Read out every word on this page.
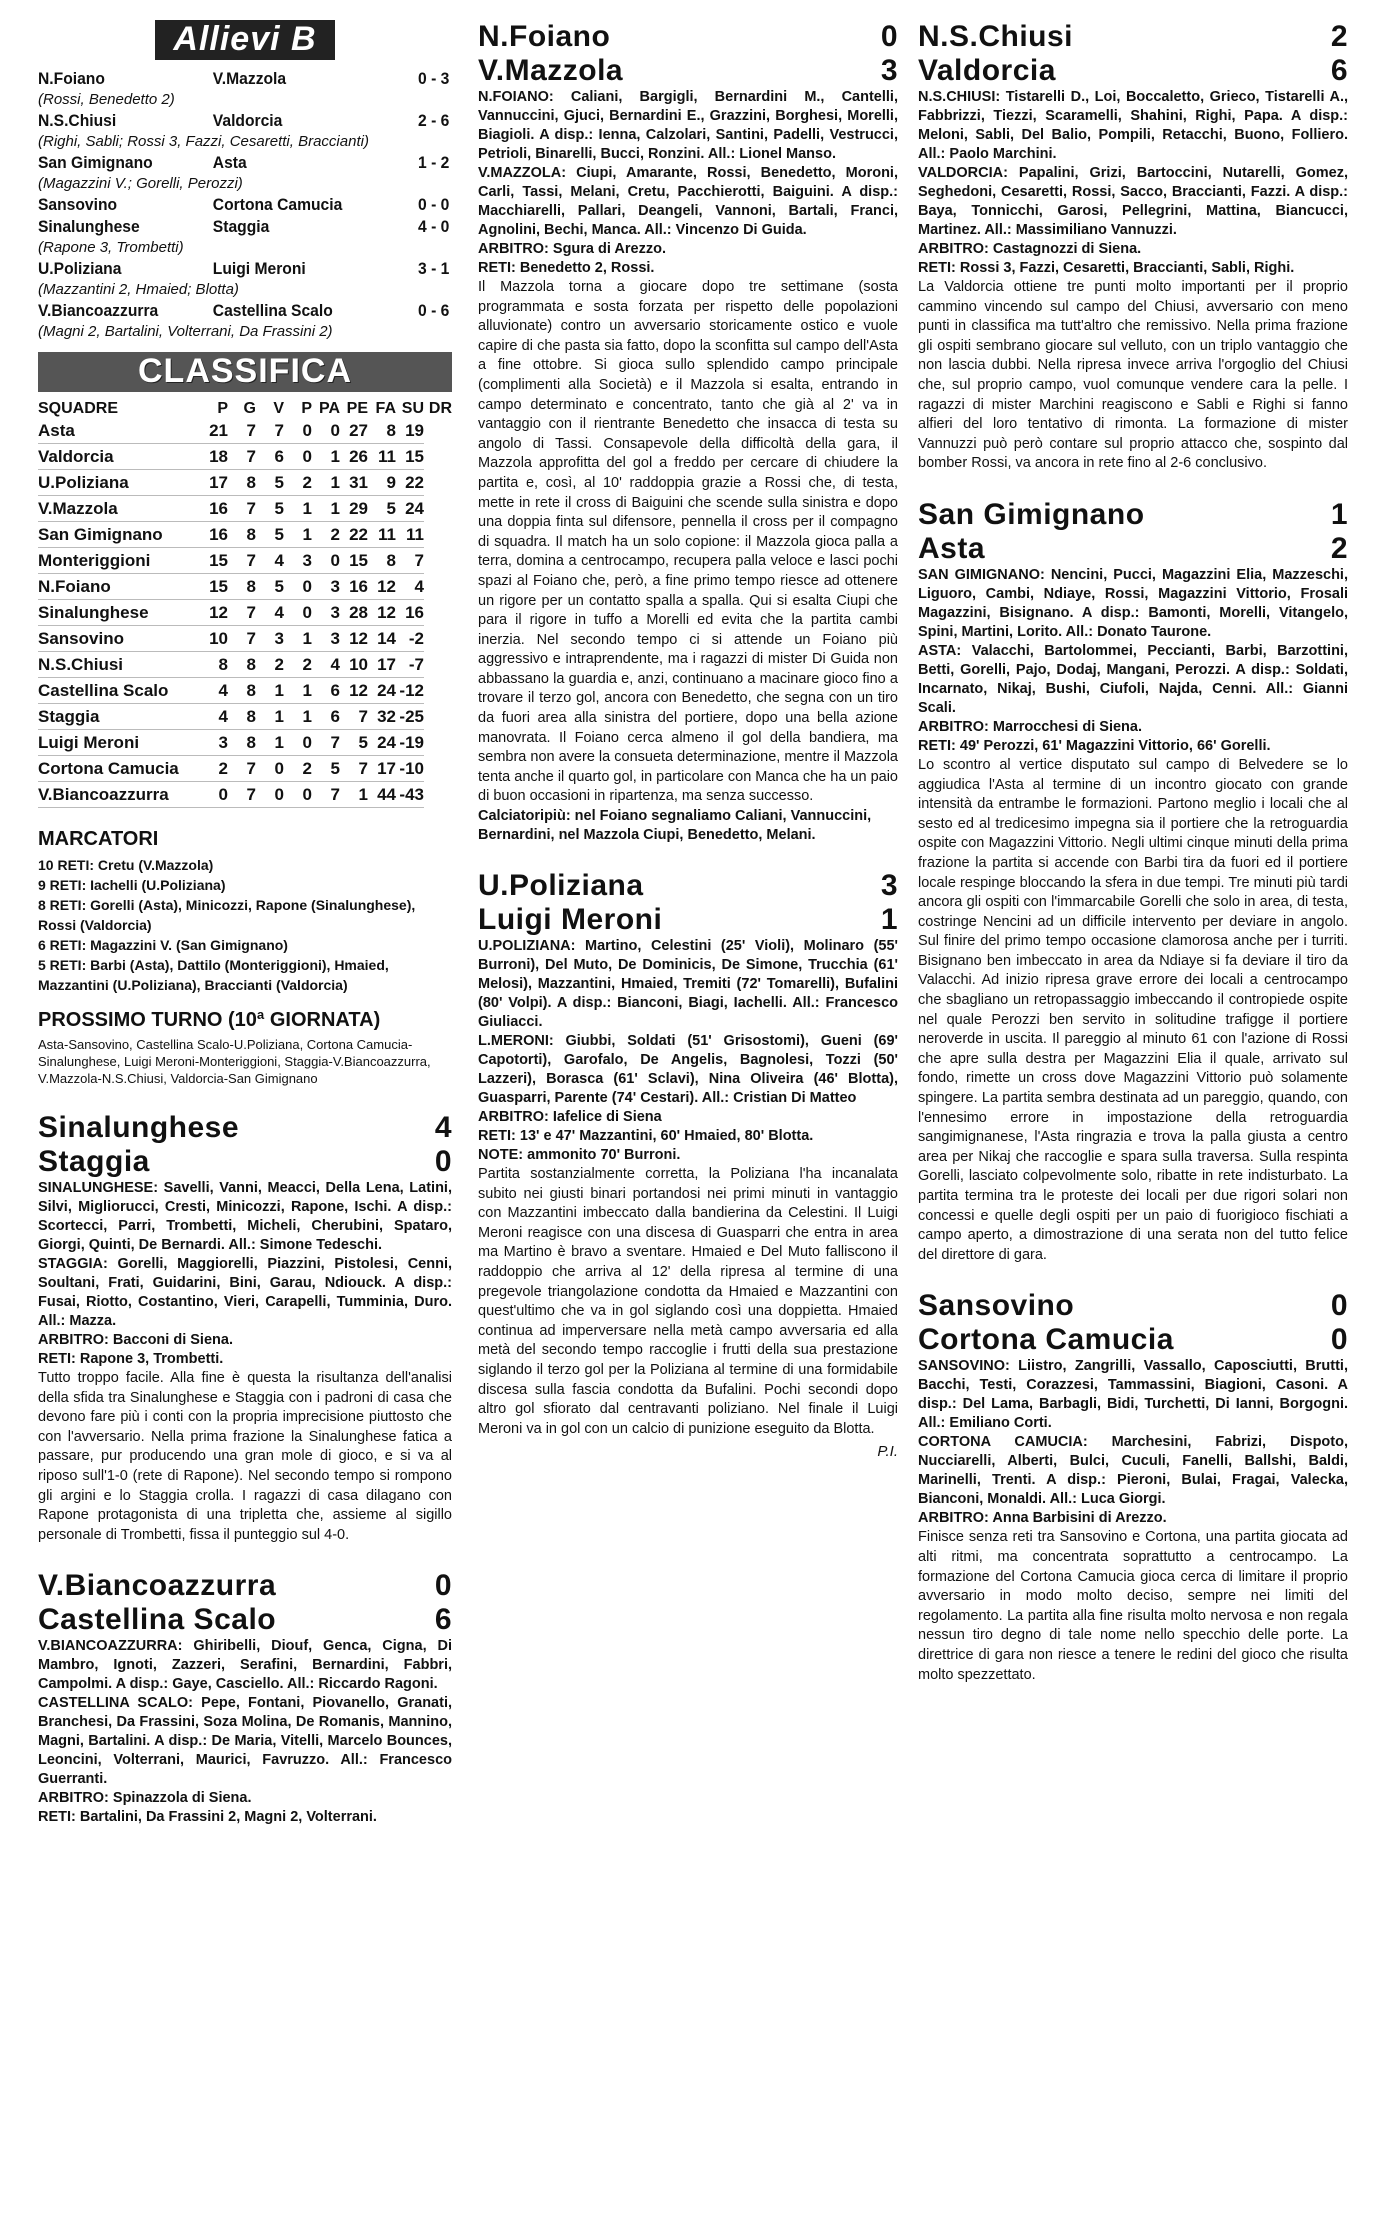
Allievi B
N.Foiano	V.Mazzola	0 - 3
(Rossi, Benedetto 2)
N.S.Chiusi	Valdorcia	2 - 6
(Righi, Sabli; Rossi 3, Fazzi, Cesaretti, Braccianti)
San Gimignano	Asta	1 - 2
(Magazzini V.; Gorelli, Perozzi)
Sansovino	Cortona Camucia	0 - 0
Sinalunghese	Staggia	4 - 0
(Rapone 3, Trombetti)
U.Poliziana	Luigi Meroni	3 - 1
(Mazzantini 2, Hmaied; Blotta)
V.Biancoazzurra	Castellina Scalo	0 - 6
(Magni 2, Bartalini, Volterrani, Da Frassini 2)
CLASSIFICA
SQUADRE	P	G	V	P	PA	PE	FA	SU	DR
Asta	21	7	7	0	0	27	8	19	
Valdorcia	18	7	6	0	1	26	11	15	
U.Poliziana	17	8	5	2	1	31	9	22	
V.Mazzola	16	7	5	1	1	29	5	24	
San Gimignano	16	8	5	1	2	22	11	11	
Monteriggioni	15	7	4	3	0	15	8	7	
N.Foiano	15	8	5	0	3	16	12	4	
Sinalunghese	12	7	4	0	3	28	12	16	
Sansovino	10	7	3	1	3	12	14	-2	
N.S.Chiusi	8	8	2	2	4	10	17	-7	
Castellina Scalo	4	8	1	1	6	12	24	-12	
Staggia	4	8	1	1	6	7	32	-25	
Luigi Meroni	3	8	1	0	7	5	24	-19	
Cortona Camucia	2	7	0	2	5	7	17	-10	
V.Biancoazzurra	0	7	0	0	7	1	44	-43	
MARCATORI
10 RETI: Cretu (V.Mazzola)
9 RETI: Iachelli (U.Poliziana)
8 RETI: Gorelli (Asta), Minicozzi, Rapone (Sinalunghese), Rossi (Valdorcia)
6 RETI: Magazzini V. (San Gimignano)
5 RETI: Barbi (Asta), Dattilo (Monteriggioni), Hmaied, Mazzantini (U.Poliziana), Braccianti (Valdorcia)
PROSSIMO TURNO (10ª GIORNATA)
Asta-Sansovino, Castellina Scalo-U.Poliziana, Cortona Camucia-Sinalunghese, Luigi Meroni-Monteriggioni, Staggia-V.Biancoazzurra, V.Mazzola-N.S.Chiusi, Valdorcia-San Gimignano
Sinalunghese	4
Staggia	0
SINALUNGHESE: Savelli, Vanni, Meacci, Della Lena, Latini, Silvi, Migliorucci, Cresti, Minicozzi, Rapone, Ischi. A disp.: Scortecci, Parri, Trombetti, Micheli, Cherubini, Spataro, Giorgi, Quinti, De Bernardi. All.: Simone Tedeschi.
STAGGIA: Gorelli, Maggiorelli, Piazzini, Pistolesi, Cenni, Soultani, Frati, Guidarini, Bini, Garau, Ndiouck. A disp.: Fusai, Riotto, Costantino, Vieri, Carapelli, Tumminia, Duro. All.: Mazza.
ARBITRO: Bacconi di Siena.
RETI: Rapone 3, Trombetti.
Tutto troppo facile. Alla fine è questa la risultanza dell'analisi della sfida tra Sinalunghese e Staggia con i padroni di casa che devono fare più i conti con la propria imprecisione piuttosto che con l'avversario. Nella prima frazione la Sinalunghese fatica a passare, pur producendo una gran mole di gioco, e si va al riposo sull'1-0 (rete di Rapone). Nel secondo tempo si rompono gli argini e lo Staggia crolla. I ragazzi di casa dilagano con Rapone protagonista di una tripletta che, assieme al sigillo personale di Trombetti, fissa il punteggio sul 4-0.
V.Biancoazzurra	0
Castellina Scalo	6
V.BIANCOAZZURRA: Ghiribelli, Diouf, Genca, Cigna, Di Mambro, Ignoti, Zazzeri, Serafini, Bernardini, Fabbri, Campolmi. A disp.: Gaye, Casciello. All.: Riccardo Ragoni.
CASTELLINA SCALO: Pepe, Fontani, Piovanello, Granati, Branchesi, Da Frassini, Soza Molina, De Romanis, Mannino, Magni, Bartalini. A disp.: De Maria, Vitelli, Marcelo Bounces, Leoncini, Volterrani, Maurici, Favruzzo. All.: Francesco Guerranti.
ARBITRO: Spinazzola di Siena.
RETI: Bartalini, Da Frassini 2, Magni 2, Volterrani.
N.Foiano	0
V.Mazzola	3
N.FOIANO: Caliani, Bargigli, Bernardini M., Cantelli, Vannuccini, Gjuci, Bernardini E., Grazzini, Borghesi, Morelli, Biagioli. A disp.: Ienna, Calzolari, Santini, Padelli, Vestrucci, Petrioli, Binarelli, Bucci, Ronzini. All.: Lionel Manso.
V.MAZZOLA: Ciupi, Amarante, Rossi, Benedetto, Moroni, Carli, Tassi, Melani, Cretu, Pacchierotti, Baiguini. A disp.: Macchiarelli, Pallari, Deangeli, Vannoni, Bartali, Franci, Agnolini, Bechi, Manca. All.: Vincenzo Di Guida.
ARBITRO: Sgura di Arezzo.
RETI: Benedetto 2, Rossi.
Il Mazzola torna a giocare dopo tre settimane (sosta programmata e sosta forzata per rispetto delle popolazioni alluvionate) contro un avversario storicamente ostico e vuole capire di che pasta sia fatto, dopo la sconfitta sul campo dell'Asta a fine ottobre. Si gioca sullo splendido campo principale (complimenti alla Società) e il Mazzola si esalta, entrando in campo determinato e concentrato, tanto che già al 2' va in vantaggio con il rientrante Benedetto che insacca di testa su angolo di Tassi. Consapevole della difficoltà della gara, il Mazzola approfitta del gol a freddo per cercare di chiudere la partita e, così, al 10' raddoppia grazie a Rossi che, di testa, mette in rete il cross di Baiguini che scende sulla sinistra e dopo una doppia finta sul difensore, pennella il cross per il compagno di squadra. Il match ha un solo copione: il Mazzola gioca palla a terra, domina a centrocampo, recupera palla veloce e lasci pochi spazi al Foiano che, però, a fine primo tempo riesce ad ottenere un rigore per un contatto spalla a spalla. Qui si esalta Ciupi che para il rigore in tuffo a Morelli ed evita che la partita cambi inerzia. Nel secondo tempo ci si attende un Foiano più aggressivo e intraprendente, ma i ragazzi di mister Di Guida non abbassano la guardia e, anzi, continuano a macinare gioco fino a trovare il terzo gol, ancora con Benedetto, che segna con un tiro da fuori area alla sinistra del portiere, dopo una bella azione manovrata. Il Foiano cerca almeno il gol della bandiera, ma sembra non avere la consueta determinazione, mentre il Mazzola tenta anche il quarto gol, in particolare con Manca che ha un paio di buon occasioni in ripartenza, ma senza successo.
Calciatoripiù: nel Foiano segnaliamo Caliani, Vannuccini, Bernardini, nel Mazzola Ciupi, Benedetto, Melani.
U.Poliziana	3
Luigi Meroni	1
U.POLIZIANA: Martino, Celestini (25' Violi), Molinaro (55' Burroni), Del Muto, De Dominicis, De Simone, Trucchia (61' Melosi), Mazzantini, Hmaied, Tremiti (72' Tomarelli), Bufalini (80' Volpi). A disp.: Bianconi, Biagi, Iachelli. All.: Francesco Giuliacci.
L.MERONI: Giubbi, Soldati (51' Grisostomi), Gueni (69' Capotorti), Garofalo, De Angelis, Bagnolesi, Tozzi (50' Lazzeri), Borasca (61' Sclavi), Nina Oliveira (46' Blotta), Guasparri, Parente (74' Cestari). All.: Cristian Di Matteo
ARBITRO: Iafelice di Siena
RETI: 13' e 47' Mazzantini, 60' Hmaied, 80' Blotta.
NOTE: ammonito 70' Burroni.
Partita sostanzialmente corretta, la Poliziana l'ha incanalata subito nei giusti binari portandosi nei primi minuti in vantaggio con Mazzantini imbeccato dalla bandierina da Celestini. Il Luigi Meroni reagisce con una discesa di Guasparri che entra in area ma Martino è bravo a sventare. Hmaied e Del Muto falliscono il raddoppio che arriva al 12' della ripresa al termine di una pregevole triangolazione condotta da Hmaied e Mazzantini con quest'ultimo che va in gol siglando così una doppietta. Hmaied continua ad imperversare nella metà campo avversaria ed alla metà del secondo tempo raccoglie i frutti della sua prestazione siglando il terzo gol per la Poliziana al termine di una formidabile discesa sulla fascia condotta da Bufalini. Pochi secondi dopo altro gol sfiorato dal centravanti poliziano. Nel finale il Luigi Meroni va in gol con un calcio di punizione eseguito da Blotta.
P.I.
N.S.Chiusi	2
Valdorcia	6
N.S.CHIUSI: Tistarelli D., Loi, Boccaletto, Grieco, Tistarelli A., Fabbrizzi, Tiezzi, Scaramelli, Shahini, Righi, Papa. A disp.: Meloni, Sabli, Del Balio, Pompili, Retacchi, Buono, Folliero. All.: Paolo Marchini.
VALDORCIA: Papalini, Grizi, Bartoccini, Nutarelli, Gomez, Seghedoni, Cesaretti, Rossi, Sacco, Braccianti, Fazzi. A disp.: Baya, Tonnicchi, Garosi, Pellegrini, Mattina, Biancucci, Martinez. All.: Massimiliano Vannuzzi.
ARBITRO: Castagnozzi di Siena.
RETI: Rossi 3, Fazzi, Cesaretti, Braccianti, Sabli, Righi.
La Valdorcia ottiene tre punti molto importanti per il proprio cammino vincendo sul campo del Chiusi, avversario con meno punti in classifica ma tutt'altro che remissivo. Nella prima frazione gli ospiti sembrano giocare sul velluto, con un triplo vantaggio che non lascia dubbi. Nella ripresa invece arriva l'orgoglio del Chiusi che, sul proprio campo, vuol comunque vendere cara la pelle. I ragazzi di mister Marchini reagiscono e Sabli e Righi si fanno alfieri del loro tentativo di rimonta. La formazione di mister Vannuzzi può però contare sul proprio attacco che, sospinto dal bomber Rossi, va ancora in rete fino al 2-6 conclusivo.
San Gimignano	1
Asta	2
SAN GIMIGNANO: Nencini, Pucci, Magazzini Elia, Mazzeschi, Liguoro, Cambi, Ndiaye, Rossi, Magazzini Vittorio, Frosali Magazzini, Bisignano. A disp.: Bamonti, Morelli, Vitangelo, Spini, Martini, Lorito. All.: Donato Taurone.
ASTA: Valacchi, Bartolommei, Peccianti, Barbi, Barzottini, Betti, Gorelli, Pajo, Dodaj, Mangani, Perozzi. A disp.: Soldati, Incarnato, Nikaj, Bushi, Ciufoli, Najda, Cenni. All.: Gianni Scali.
ARBITRO: Marrocchesi di Siena.
RETI: 49' Perozzi, 61' Magazzini Vittorio, 66' Gorelli.
Lo scontro al vertice disputato sul campo di Belvedere se lo aggiudica l'Asta al termine di un incontro giocato con grande intensità da entrambe le formazioni. Partono meglio i locali che al sesto ed al tredicesimo impegna sia il portiere che la retroguardia ospite con Magazzini Vittorio. Negli ultimi cinque minuti della prima frazione la partita si accende con Barbi tira da fuori ed il portiere locale respinge bloccando la sfera in due tempi. Tre minuti più tardi ancora gli ospiti con l'immarcabile Gorelli che solo in area, di testa, costringe Nencini ad un difficile intervento per deviare in angolo. Sul finire del primo tempo occasione clamorosa anche per i turriti. Bisignano ben imbeccato in area da Ndiaye si fa deviare il tiro da Valacchi. Ad inizio ripresa grave errore dei locali a centrocampo che sbagliano un retropassaggio imbeccando il contropiede ospite nel quale Perozzi ben servito in solitudine trafigge il portiere neroverde in uscita. Il pareggio al minuto 61 con l'azione di Rossi che apre sulla destra per Magazzini Elia il quale, arrivato sul fondo, rimette un cross dove Magazzini Vittorio può solamente spingere. La partita sembra destinata ad un pareggio, quando, con l'ennesimo errore in impostazione della retroguardia sangimignanese, l'Asta ringrazia e trova la palla giusta a centro area per Nikaj che raccoglie e spara sulla traversa. Sulla respinta Gorelli, lasciato colpevolmente solo, ribatte in rete indisturbato. La partita termina tra le proteste dei locali per due rigori solari non concessi e quelle degli ospiti per un paio di fuorigioco fischiati a campo aperto, a dimostrazione di una serata non del tutto felice del direttore di gara.
Sansovino	0
Cortona Camucia	0
SANSOVINO: Liistro, Zangrilli, Vassallo, Caposciutti, Brutti, Bacchi, Testi, Corazzesi, Tammassini, Biagioni, Casoni. A disp.: Del Lama, Barbagli, Bidi, Turchetti, Di Ianni, Borgogni. All.: Emiliano Corti.
CORTONA CAMUCIA: Marchesini, Fabrizi, Dispoto, Nucciarelli, Alberti, Bulci, Cuculi, Fanelli, Ballshi, Baldi, Marinelli, Trenti. A disp.: Pieroni, Bulai, Fragai, Valecka, Bianconi, Monaldi. All.: Luca Giorgi.
ARBITRO: Anna Barbisini di Arezzo.
Finisce senza reti tra Sansovino e Cortona, una partita giocata ad alti ritmi, ma concentrata soprattutto a centrocampo. La formazione del Cortona Camucia gioca cerca di limitare il proprio avversario in modo molto deciso, sempre nei limiti del regolamento. La partita alla fine risulta molto nervosa e non regala nessun tiro degno di tale nome nello specchio delle porte. La direttrice di gara non riesce a tenere le redini del gioco che risulta molto spezzettato.
